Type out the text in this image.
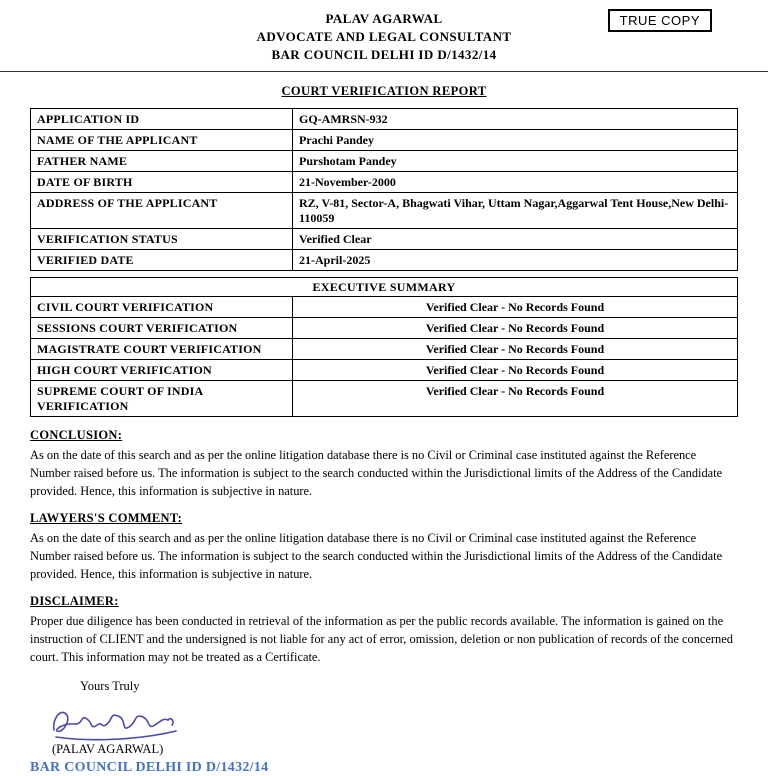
TRUE COPY
PALAV AGARWAL
ADVOCATE AND LEGAL CONSULTANT
BAR COUNCIL DELHI ID D/1432/14
COURT VERIFICATION REPORT
APPLICATION ID	GQ-AMRSN-932
NAME OF THE APPLICANT	Prachi Pandey
FATHER NAME	Purshotam Pandey
DATE OF BIRTH	21-November-2000
ADDRESS OF THE APPLICANT	RZ, V-81, Sector-A, Bhagwati Vihar, Uttam Nagar,Aggarwal Tent House,New Delhi-110059
VERIFICATION STATUS	Verified Clear
VERIFIED DATE	21-April-2025
EXECUTIVE SUMMARY	
CIVIL COURT VERIFICATION	Verified Clear - No Records Found
SESSIONS COURT VERIFICATION	Verified Clear - No Records Found
MAGISTRATE COURT VERIFICATION	Verified Clear - No Records Found
HIGH COURT VERIFICATION	Verified Clear - No Records Found
SUPREME COURT OF INDIA VERIFICATION	Verified Clear - No Records Found
CONCLUSION:

As on the date of this search and as per the online litigation database there is no Civil or Criminal case instituted against the Reference Number raised before us. The information is subject to the search conducted within the Jurisdictional limits of the Address of the Candidate provided. Hence, this information is subjective in nature.

LAWYERS'S COMMENT:

As on the date of this search and as per the online litigation database there is no Civil or Criminal case instituted against the Reference Number raised before us. The information is subject to the search conducted within the Jurisdictional limits of the Address of the Candidate provided. Hence, this information is subjective in nature.

DISCLAIMER:

Proper due diligence has been conducted in retrieval of the information as per the public records available. The information is gained on the instruction of CLIENT and the undersigned is not liable for any act of error, omission, deletion or non publication of records of the concerned court. This information may not be treated as a Certificate.

Yours Truly
(PALAV AGARWAL)
BAR COUNCIL DELHI ID D/1432/14
